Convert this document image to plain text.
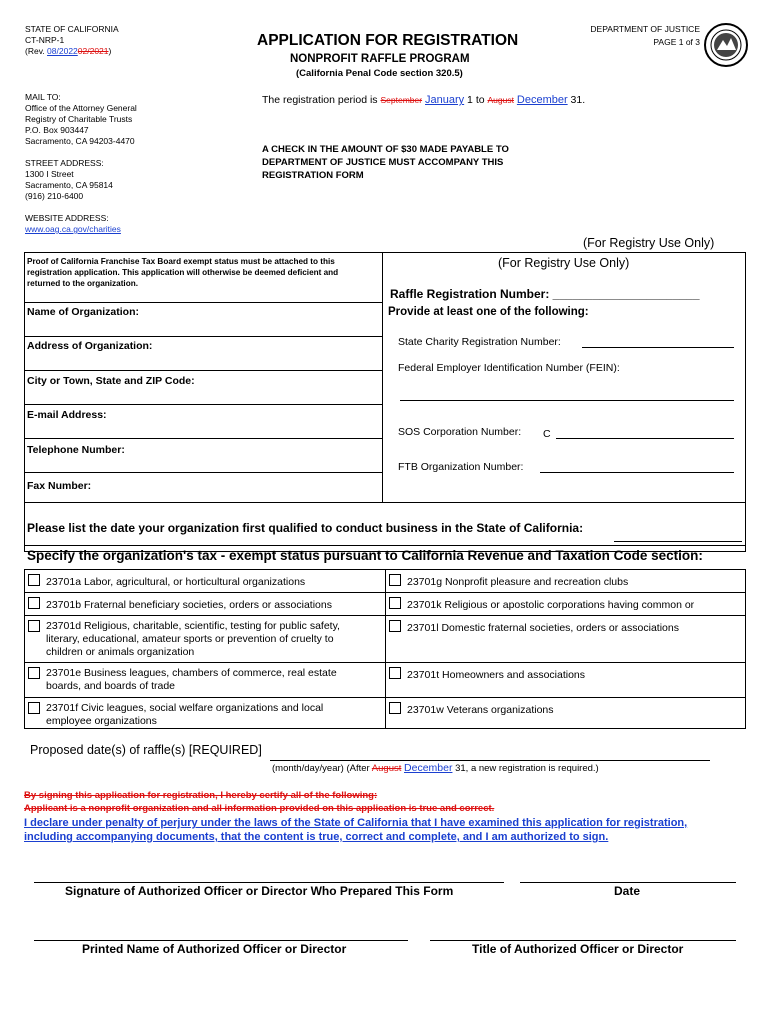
STATE OF CALIFORNIA
CT-NRP-1
(Rev. 08/202202/2021)
APPLICATION FOR REGISTRATION
NONPROFIT RAFFLE PROGRAM
(California Penal Code section 320.5)
DEPARTMENT OF JUSTICE
PAGE 1 of 3
MAIL TO:
Office of the Attorney General
Registry of Charitable Trusts
P.O. Box 903447
Sacramento, CA 94203-4470
STREET ADDRESS:
1300 I Street
Sacramento, CA 95814
(916) 210-6400
WEBSITE ADDRESS:
www.oag.ca.gov/charities
The registration period is September January 1 to August December 31.
A CHECK IN THE AMOUNT OF $30 MADE PAYABLE TO
DEPARTMENT OF JUSTICE MUST ACCOMPANY THIS
REGISTRATION FORM
(For Registry Use Only)
Proof of California Franchise Tax Board exempt status must be attached to this
registration application. This application will otherwise be deemed deficient and
returned to the organization.
(For Registry Use Only)
Raffle Registration Number: ______________________
Provide at least one of the following:
Name of Organization:
Address of Organization:
City or Town, State and ZIP Code:
E-mail Address:
Telephone Number:
Fax Number:
State Charity Registration Number:
Federal Employer Identification Number (FEIN):
SOS Corporation Number: C
FTB Organization Number:
Please list the date your organization first qualified to conduct business in the State of California:
Specify the organization's tax - exempt status pursuant to California Revenue and Taxation Code section:
23701a Labor, agricultural, or horticultural organizations
23701b Fraternal beneficiary societies, orders or associations
23701d Religious, charitable, scientific, testing for public safety, literary, educational, amateur sports or prevention of cruelty to children or animals organization
23701e Business leagues, chambers of commerce, real estate boards, and boards of trade
23701f Civic leagues, social welfare organizations and local employee organizations
23701g Nonprofit pleasure and recreation clubs
23701k Religious or apostolic corporations having common or
23701l Domestic fraternal societies, orders or associations
23701t Homeowners and associations
23701w Veterans organizations
Proposed date(s) of raffle(s) [REQUIRED]
(month/day/year) (After August December 31, a new registration is required.)
By signing this application for registration, I hereby certify all of the following:
Applicant is a nonprofit organization and all information provided on this application is true and correct.
I declare under penalty of perjury under the laws of the State of California that I have examined this application for registration,
including accompanying documents, that the content is true, correct and complete, and I am authorized to sign.
Signature of Authorized Officer or Director Who Prepared This Form	Date
Printed Name of Authorized Officer or Director	Title of Authorized Officer or Director
